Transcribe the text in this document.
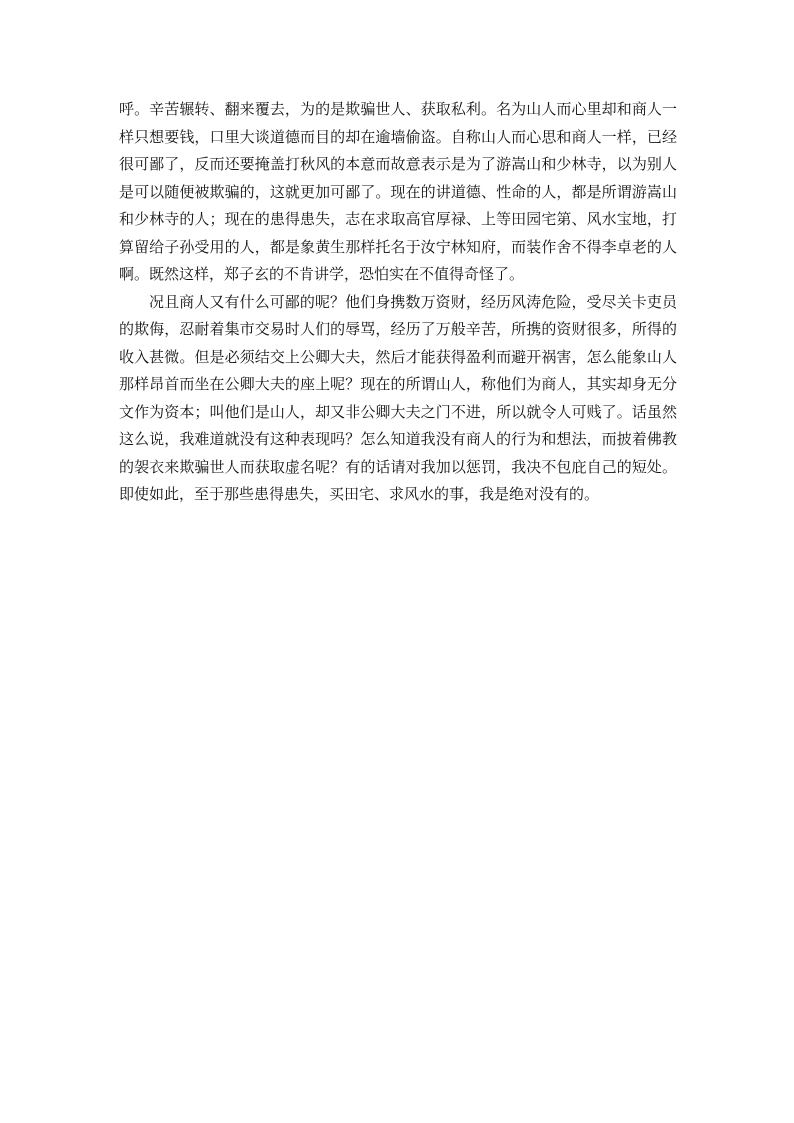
呼。辛苦辗转、翻来覆去，为的是欺骗世人、获取私利。名为山人而心里却和商人一样只想要钱，口里大谈道德而目的却在逾墙偷盗。自称山人而心思和商人一样，已经很可鄙了，反而还要掩盖打秋风的本意而故意表示是为了游嵩山和少林寺，以为别人是可以随便被欺骗的，这就更加可鄙了。现在的讲道德、性命的人，都是所谓游嵩山和少林寺的人；现在的患得患失，志在求取高官厚禄、上等田园宅第、风水宝地，打算留给子孙受用的人，都是象黄生那样托名于汝宁林知府，而装作舍不得李卓老的人啊。既然这样，郑子玄的不肯讲学，恐怕实在不值得奇怪了。

况且商人又有什么可鄙的呢？他们身携数万资财，经历风涛危险，受尽关卡吏员的欺侮，忍耐着集市交易时人们的辱骂，经历了万般辛苦，所携的资财很多，所得的收入甚微。但是必须结交上公卿大夫，然后才能获得盈利而避开祸害，怎么能象山人那样昂首而坐在公卿大夫的座上呢？现在的所谓山人，称他们为商人，其实却身无分文作为资本；叫他们是山人，却又非公卿大夫之门不进，所以就令人可贱了。话虽然这么说，我难道就没有这种表现吗？怎么知道我没有商人的行为和想法，而披着佛教的袈衣来欺骗世人而获取虚名呢？有的话请对我加以惩罚，我决不包庇自己的短处。即使如此，至于那些患得患失，买田宅、求风水的事，我是绝对没有的。
